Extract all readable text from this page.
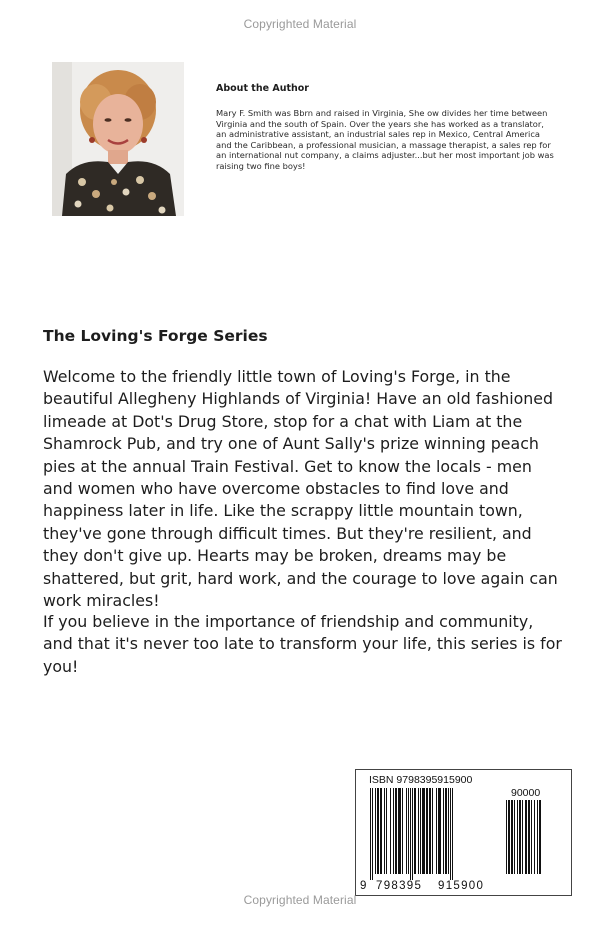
Copyrighted Material
About the Author
Mary F. Smith was Bbrn and raised in Virginia, She ow divides her time between Virginia and the south of Spain. Over the years she has worked as a translator, an administrative assistant, an industrial sales rep in Mexico, Central America and the Caribbean, a professional musician, a massage therapist, a sales rep for an international nut company, a claims adjuster...but her most important job was raising two fine boys!
The Loving's Forge Series

Welcome to the friendly little town of Loving's Forge, in the beautiful Allegheny Highlands of Virginia! Have an old fashioned limeade at Dot's Drug Store, stop for a chat with Liam at the Shamrock Pub, and try one of Aunt Sally's prize winning peach pies at the annual Train Festival. Get to know the locals - men and women who have overcome obstacles to find love and happiness later in life. Like the scrappy little mountain town, they've gone through difficult times. But they're resilient, and they don't give up. Hearts may be broken, dreams may be shattered, but grit, hard work, and the courage to love again can work miracles!

If you believe in the importance of friendship and community, and that it's never too late to transform your life, this series is for you!

ISBN 9798395915900
90000
9 798395 915900
Copyrighted Material
